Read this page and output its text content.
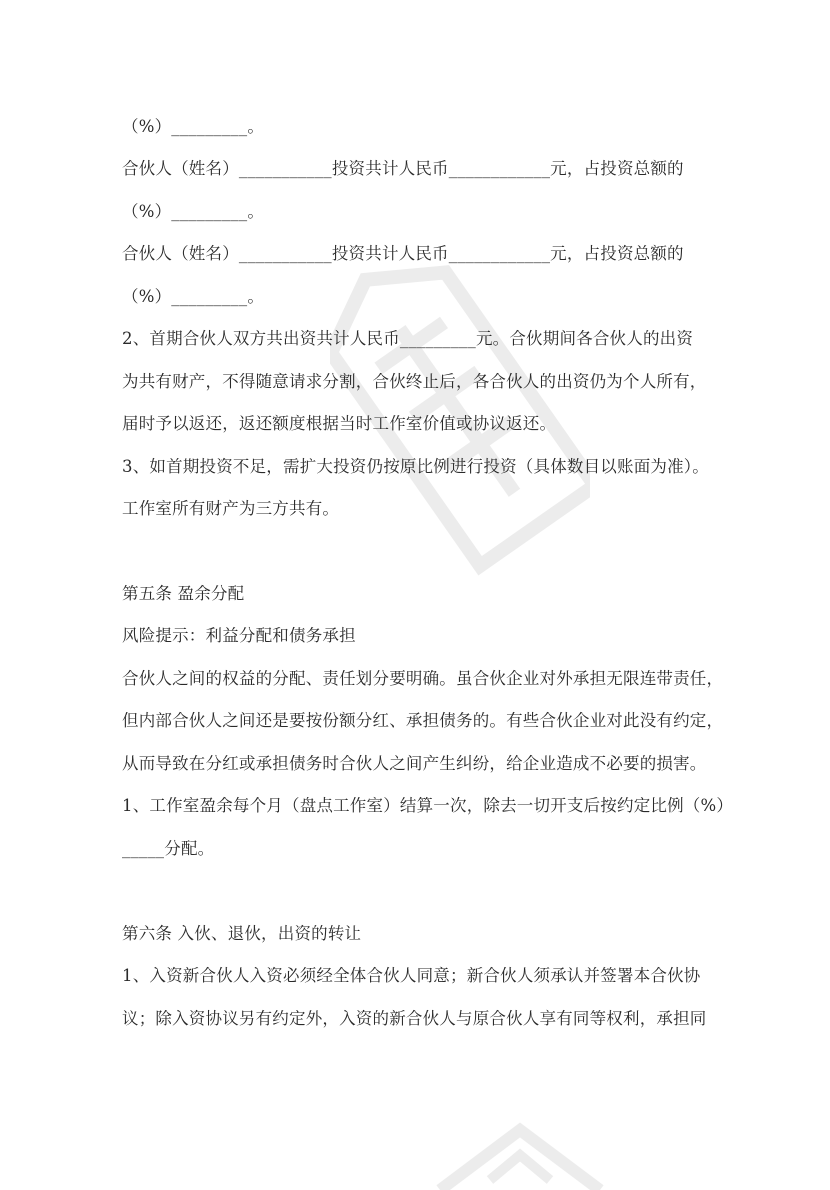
（%）_________。
合伙人（姓名）___________投资共计人民币____________元，占投资总额的
（%）_________。
合伙人（姓名）___________投资共计人民币____________元，占投资总额的
（%）_________。
2、首期合伙人双方共出资共计人民币_________元。合伙期间各合伙人的出资
为共有财产，不得随意请求分割，合伙终止后，各合伙人的出资仍为个人所有，
届时予以返还，返还额度根据当时工作室价值或协议返还。
3、如首期投资不足，需扩大投资仍按原比例进行投资（具体数目以账面为准）。
工作室所有财产为三方共有。
第五条 盈余分配
风险提示：利益分配和债务承担
合伙人之间的权益的分配、责任划分要明确。虽合伙企业对外承担无限连带责任，
但内部合伙人之间还是要按份额分红、承担债务的。有些合伙企业对此没有约定，
从而导致在分红或承担债务时合伙人之间产生纠纷，给企业造成不必要的损害。
1、工作室盈余每个月（盘点工作室）结算一次，除去一切开支后按约定比例（%）
_____分配。
第六条 入伙、退伙，出资的转让
1、入资新合伙人入资必须经全体合伙人同意；新合伙人须承认并签署本合伙协
议；除入资协议另有约定外，入资的新合伙人与原合伙人享有同等权利，承担同
